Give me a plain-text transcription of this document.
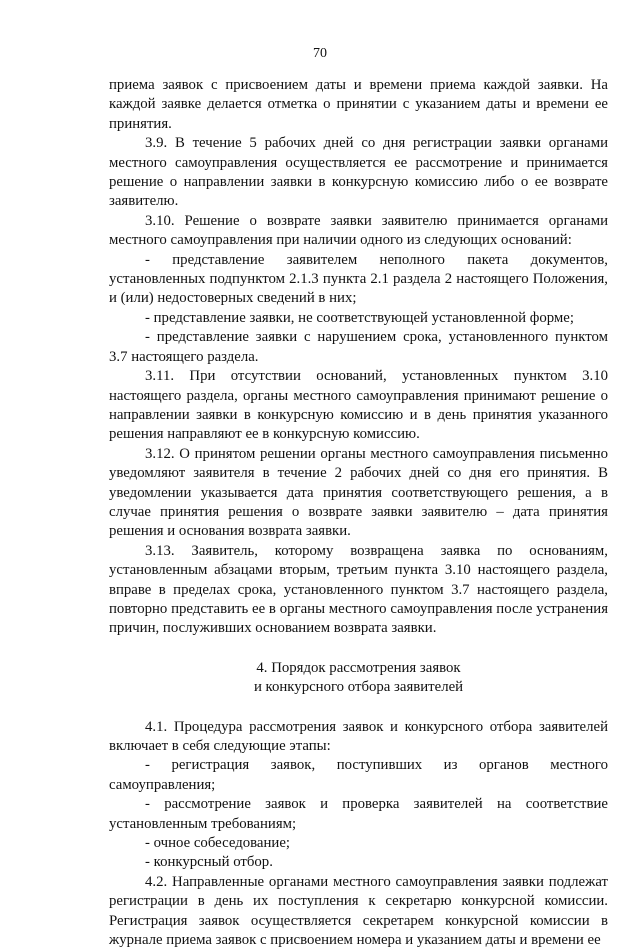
70

приема заявок с присвоением даты и времени приема каждой заявки. На каждой заявке делается отметка о принятии с указанием даты и времени ее принятия.

3.9. В течение 5 рабочих дней со дня регистрации заявки органами местного самоуправления осуществляется ее рассмотрение и принимается решение о направлении заявки в конкурсную комиссию либо о ее возврате заявителю.

3.10. Решение о возврате заявки заявителю принимается органами местного самоуправления при наличии одного из следующих оснований:

- представление заявителем неполного пакета документов, установленных подпунктом 2.1.3 пункта 2.1 раздела 2 настоящего Положения, и (или) недостоверных сведений в них;

- представление заявки, не соответствующей установленной форме;

- представление заявки с нарушением срока, установленного пунктом 3.7 настоящего раздела.

3.11. При отсутствии оснований, установленных пунктом 3.10 настоящего раздела, органы местного самоуправления принимают решение о направлении заявки в конкурсную комиссию и в день принятия указанного решения направляют ее в конкурсную комиссию.

3.12. О принятом решении органы местного самоуправления письменно уведомляют заявителя в течение 2 рабочих дней со дня его принятия. В уведомлении указывается дата принятия соответствующего решения, а в случае принятия решения о возврате заявки заявителю – дата принятия решения и основания возврата заявки.

3.13. Заявитель, которому возвращена заявка по основаниям, установленным абзацами вторым, третьим пункта 3.10 настоящего раздела, вправе в пределах срока, установленного пунктом 3.7 настоящего раздела, повторно представить ее в органы местного самоуправления после устранения причин, послуживших основанием возврата заявки.

4. Порядок рассмотрения заявок
и конкурсного отбора заявителей

4.1. Процедура рассмотрения заявок и конкурсного отбора заявителей включает в себя следующие этапы:

- регистрация заявок, поступивших из органов местного самоуправления;

- рассмотрение заявок и проверка заявителей на соответствие установленным требованиям;

- очное собеседование;

- конкурсный отбор.

4.2. Направленные органами местного самоуправления заявки подлежат регистрации в день их поступления к секретарю конкурсной комиссии. Регистрация заявок осуществляется секретарем конкурсной комиссии в журнале приема заявок с присвоением номера и указанием даты и времени ее
